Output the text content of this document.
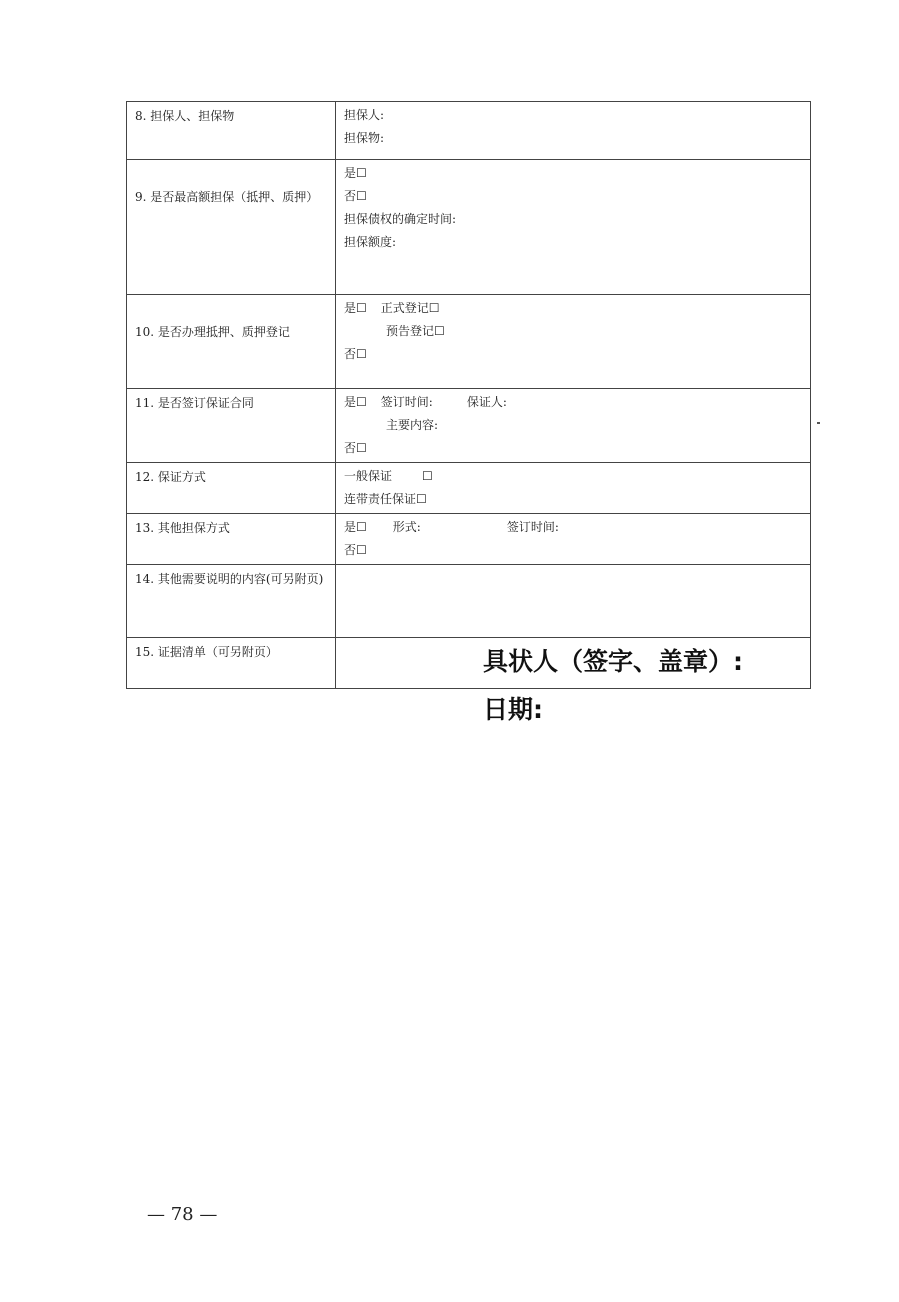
8. 担保人、担保物	担保人:
担保物:

9. 是否最高额担保（抵押、质押）	是☐
否☐
担保债权的确定时间:
担保额度:

10. 是否办理抵押、质押登记	是☐ 正式登记☐
预告登记☐
否☐

11. 是否签订保证合同	是☐ 签订时间: 保证人:
主要内容:
否☐

12. 保证方式	一般保证 ☐
连带责任保证☐

13. 其他担保方式	是☐ 形式: 签订时间:
否☐

14. 其他需要说明的内容(可另附页)	
15. 证据清单（可另附页）		具状人（签字、盖章）:
日期:
— 78 —
